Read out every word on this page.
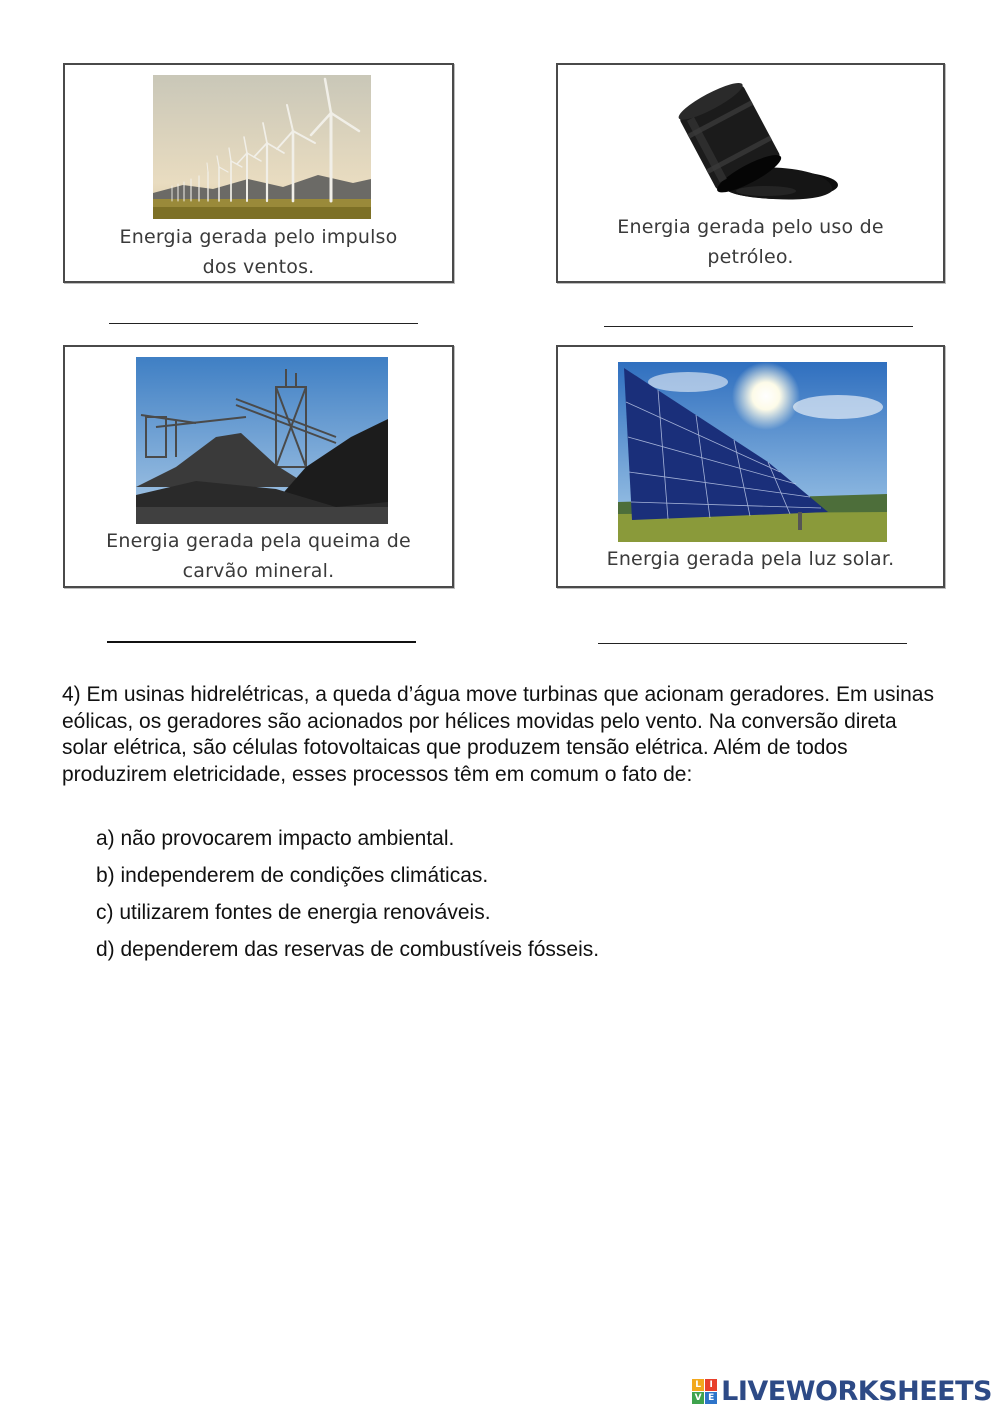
Energia gerada pelo impulso
dos ventos.
Energia gerada pelo uso de
petróleo.
Energia gerada pela queima de
carvão mineral.
Energia gerada pela luz solar.
4) Em usinas hidrelétricas, a queda d’água move turbinas que acionam geradores. Em usinas eólicas, os geradores são acionados por hélices movidas pelo vento. Na conversão direta solar elétrica, são células fotovoltaicas que produzem tensão elétrica. Além de todos produzirem eletricidade, esses processos têm em comum o fato de:
a) não provocarem impacto ambiental.
b) independerem de condições climáticas.
c) utilizarem fontes de energia renováveis.
d) dependerem das reservas de combustíveis fósseis.
L I
V E LIVEWORKSHEETS
